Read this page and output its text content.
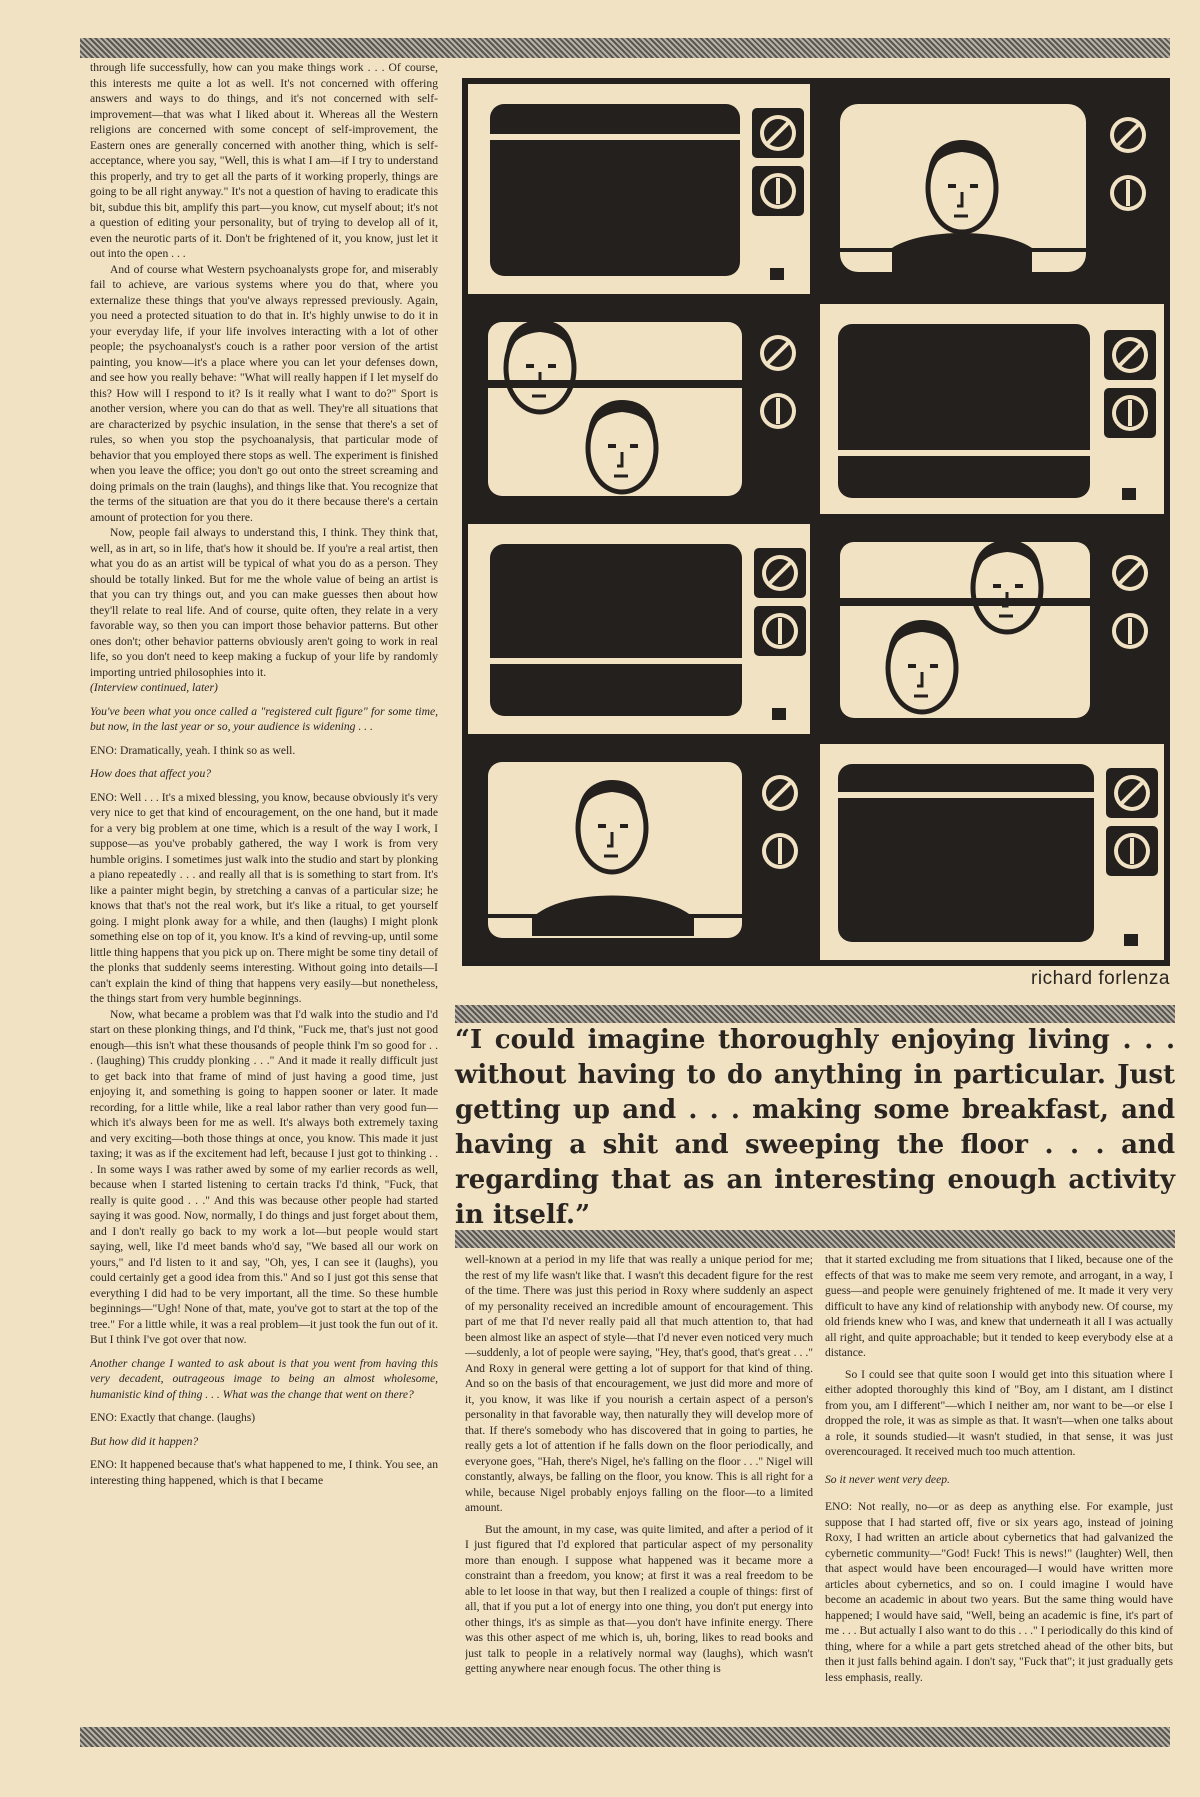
through life successfully, how can you make things work . . . Of course, this interests me quite a lot as well. It's not concerned with offering answers and ways to do things, and it's not concerned with self-improvement—that was what I liked about it. Whereas all the Western religions are concerned with some concept of self-improvement, the Eastern ones are generally concerned with another thing, which is self-acceptance, where you say, "Well, this is what I am—if I try to understand this properly, and try to get all the parts of it working properly, things are going to be all right anyway." It's not a question of having to eradicate this bit, subdue this bit, amplify this part—you know, cut myself about; it's not a question of editing your personality, but of trying to develop all of it, even the neurotic parts of it. Don't be frightened of it, you know, just let it out into the open . . .

And of course what Western psychoanalysts grope for, and miserably fail to achieve, are various systems where you do that, where you externalize these things that you've always repressed previously. Again, you need a protected situation to do that in. It's highly unwise to do it in your everyday life, if your life involves interacting with a lot of other people; the psychoanalyst's couch is a rather poor version of the artist painting, you know—it's a place where you can let your defenses down, and see how you really behave: "What will really happen if I let myself do this? How will I respond to it? Is it really what I want to do?" Sport is another version, where you can do that as well. They're all situations that are characterized by psychic insulation, in the sense that there's a set of rules, so when you stop the psychoanalysis, that particular mode of behavior that you employed there stops as well. The experiment is finished when you leave the office; you don't go out onto the street screaming and doing primals on the train (laughs), and things like that. You recognize that the terms of the situation are that you do it there because there's a certain amount of protection for you there.

Now, people fail always to understand this, I think. They think that, well, as in art, so in life, that's how it should be. If you're a real artist, then what you do as an artist will be typical of what you do as a person. They should be totally linked. But for me the whole value of being an artist is that you can try things out, and you can make guesses then about how they'll relate to real life. And of course, quite often, they relate in a very favorable way, so then you can import those behavior patterns. But other ones don't; other behavior patterns obviously aren't going to work in real life, so you don't need to keep making a fuckup of your life by randomly importing untried philosophies into it.

(Interview continued, later)

You've been what you once called a "registered cult figure" for some time, but now, in the last year or so, your audience is widening . . .

ENO: Dramatically, yeah. I think so as well.

How does that affect you?

ENO: Well . . . It's a mixed blessing, you know, because obviously it's very very nice to get that kind of encouragement, on the one hand, but it made for a very big problem at one time, which is a result of the way I work, I suppose—as you've probably gathered, the way I work is from very humble origins. I sometimes just walk into the studio and start by plonking a piano repeatedly . . . and really all that is is something to start from. It's like a painter might begin, by stretching a canvas of a particular size; he knows that that's not the real work, but it's like a ritual, to get yourself going. I might plonk away for a while, and then (laughs) I might plonk something else on top of it, you know. It's a kind of revving-up, until some little thing happens that you pick up on. There might be some tiny detail of the plonks that suddenly seems interesting. Without going into details—I can't explain the kind of thing that happens very easily—but nonetheless, the things start from very humble beginnings.

Now, what became a problem was that I'd walk into the studio and I'd start on these plonking things, and I'd think, "Fuck me, that's just not good enough—this isn't what these thousands of people think I'm so good for . . . (laughing) This cruddy plonking . . ." And it made it really difficult just to get back into that frame of mind of just having a good time, just enjoying it, and something is going to happen sooner or later. It made recording, for a little while, like a real labor rather than very good fun—which it's always been for me as well. It's always both extremely taxing and very exciting—both those things at once, you know. This made it just taxing; it was as if the excitement had left, because I just got to thinking . . . In some ways I was rather awed by some of my earlier records as well, because when I started listening to certain tracks I'd think, "Fuck, that really is quite good . . ." And this was because other people had started saying it was good. Now, normally, I do things and just forget about them, and I don't really go back to my work a lot—but people would start saying, well, like I'd meet bands who'd say, "We based all our work on yours," and I'd listen to it and say, "Oh, yes, I can see it (laughs), you could certainly get a good idea from this." And so I just got this sense that everything I did had to be very important, all the time. So these humble beginnings—"Ugh! None of that, mate, you've got to start at the top of the tree." For a little while, it was a real problem—it just took the fun out of it. But I think I've got over that now.

Another change I wanted to ask about is that you went from having this very decadent, outrageous image to being an almost wholesome, humanistic kind of thing . . . What was the change that went on there?

ENO: Exactly that change. (laughs)

But how did it happen?

ENO: It happened because that's what happened to me, I think. You see, an interesting thing happened, which is that I became

richard forlenza
“I could imagine thoroughly enjoying living . . . without having to do anything in particular. Just getting up and . . . making some breakfast, and having a shit and sweeping the floor . . . and regarding that as an interesting enough activity in itself.”

well-known at a period in my life that was really a unique period for me; the rest of my life wasn't like that. I wasn't this decadent figure for the rest of the time. There was just this period in Roxy where suddenly an aspect of my personality received an incredible amount of encouragement. This part of me that I'd never really paid all that much attention to, that had been almost like an aspect of style—that I'd never even noticed very much—suddenly, a lot of people were saying, "Hey, that's good, that's great . . ." And Roxy in general were getting a lot of support for that kind of thing. And so on the basis of that encouragement, we just did more and more of it, you know, it was like if you nourish a certain aspect of a person's personality in that favorable way, then naturally they will develop more of that. If there's somebody who has discovered that in going to parties, he really gets a lot of attention if he falls down on the floor periodically, and everyone goes, "Hah, there's Nigel, he's falling on the floor . . ." Nigel will constantly, always, be falling on the floor, you know. This is all right for a while, because Nigel probably enjoys falling on the floor—to a limited amount.

But the amount, in my case, was quite limited, and after a period of it I just figured that I'd explored that particular aspect of my personality more than enough. I suppose what happened was it became more a constraint than a freedom, you know; at first it was a real freedom to be able to let loose in that way, but then I realized a couple of things: first of all, that if you put a lot of energy into one thing, you don't put energy into other things, it's as simple as that—you don't have infinite energy. There was this other aspect of me which is, uh, boring, likes to read books and just talk to people in a relatively normal way (laughs), which wasn't getting anywhere near enough focus. The other thing is

that it started excluding me from situations that I liked, because one of the effects of that was to make me seem very remote, and arrogant, in a way, I guess—and people were genuinely frightened of me. It made it very very difficult to have any kind of relationship with anybody new. Of course, my old friends knew who I was, and knew that underneath it all I was actually all right, and quite approachable; but it tended to keep everybody else at a distance.

So I could see that quite soon I would get into this situation where I either adopted thoroughly this kind of "Boy, am I distant, am I distinct from you, am I different"—which I neither am, nor want to be—or else I dropped the role, it was as simple as that. It wasn't—when one talks about a role, it sounds studied—it wasn't studied, in that sense, it was just overencouraged. It received much too much attention.

So it never went very deep.

ENO: Not really, no—or as deep as anything else. For example, just suppose that I had started off, five or six years ago, instead of joining Roxy, I had written an article about cybernetics that had galvanized the cybernetic community—"God! Fuck! This is news!" (laughter) Well, then that aspect would have been encouraged—I would have written more articles about cybernetics, and so on. I could imagine I would have become an academic in about two years. But the same thing would have happened; I would have said, "Well, being an academic is fine, it's part of me . . . But actually I also want to do this . . ." I periodically do this kind of thing, where for a while a part gets stretched ahead of the other bits, but then it just falls behind again. I don't say, "Fuck that"; it just gradually gets less emphasis, really.
